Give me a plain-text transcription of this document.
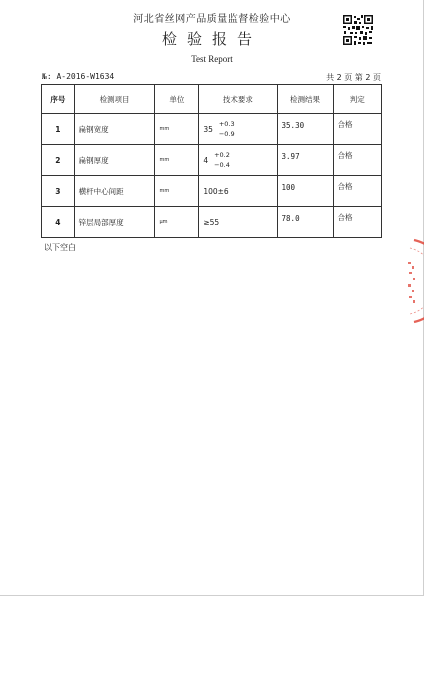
河北省丝网产品质量监督检验中心
检验报告
Test Report
№: A-2016-W1634	共 2 页 第 2 页
序号	检测项目	单位	技术要求	检测结果	判定
1	扁钢宽度	mm	35
+0.3
−0.9	35.30	合格
2	扁钢厚度	mm	4
+0.2
−0.4	3.97	合格
3	横杆中心间距	mm	100±6	100	合格
4	锌层局部厚度	μm	≥55	78.0	合格
以下空白
